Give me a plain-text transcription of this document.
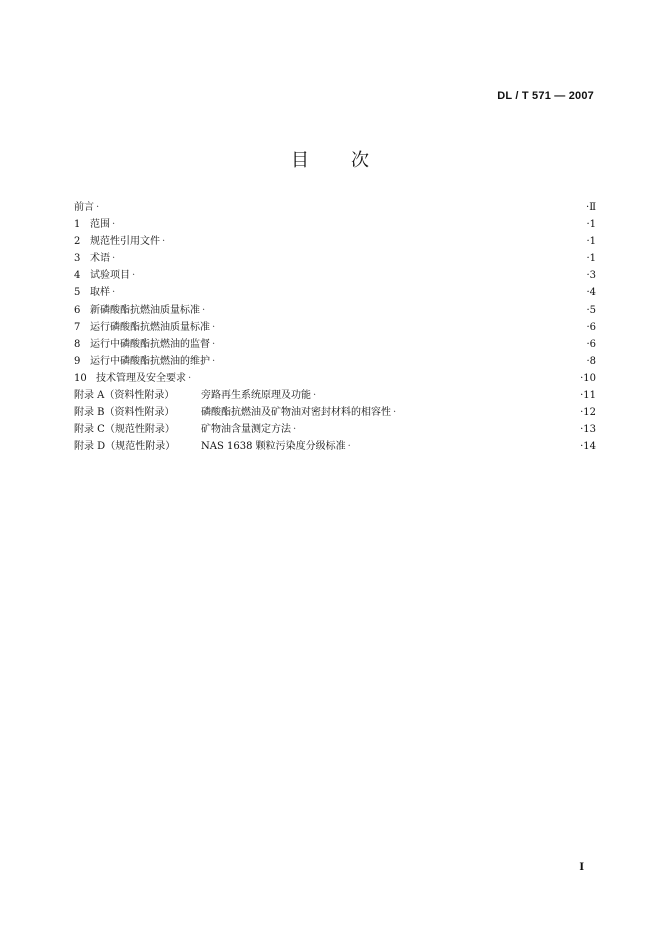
DL / T 571 — 2007
目 次
前言 ·	·Ⅱ
1 范围 ·	·1
2 规范性引用文件 ·	·1
3 术语 ·	·1
4 试验项目 ·	·3
5 取样 ·	·4
6 新磷酸酯抗燃油质量标准 ·	·5
7 运行磷酸酯抗燃油质量标准 ·	·6
8 运行中磷酸酯抗燃油的监督 ·	·6
9 运行中磷酸酯抗燃油的维护 ·	·8
10 技术管理及安全要求 ·	·10
附录 A（资料性附录）	旁路再生系统原理及功能 ·	·11
附录 B（资料性附录）	磷酸酯抗燃油及矿物油对密封材料的相容性 ·	·12
附录 C（规范性附录）	矿物油含量测定方法 ·	·13
附录 D（规范性附录）	NAS 1638 颗粒污染度分级标准 ·	·14
I
